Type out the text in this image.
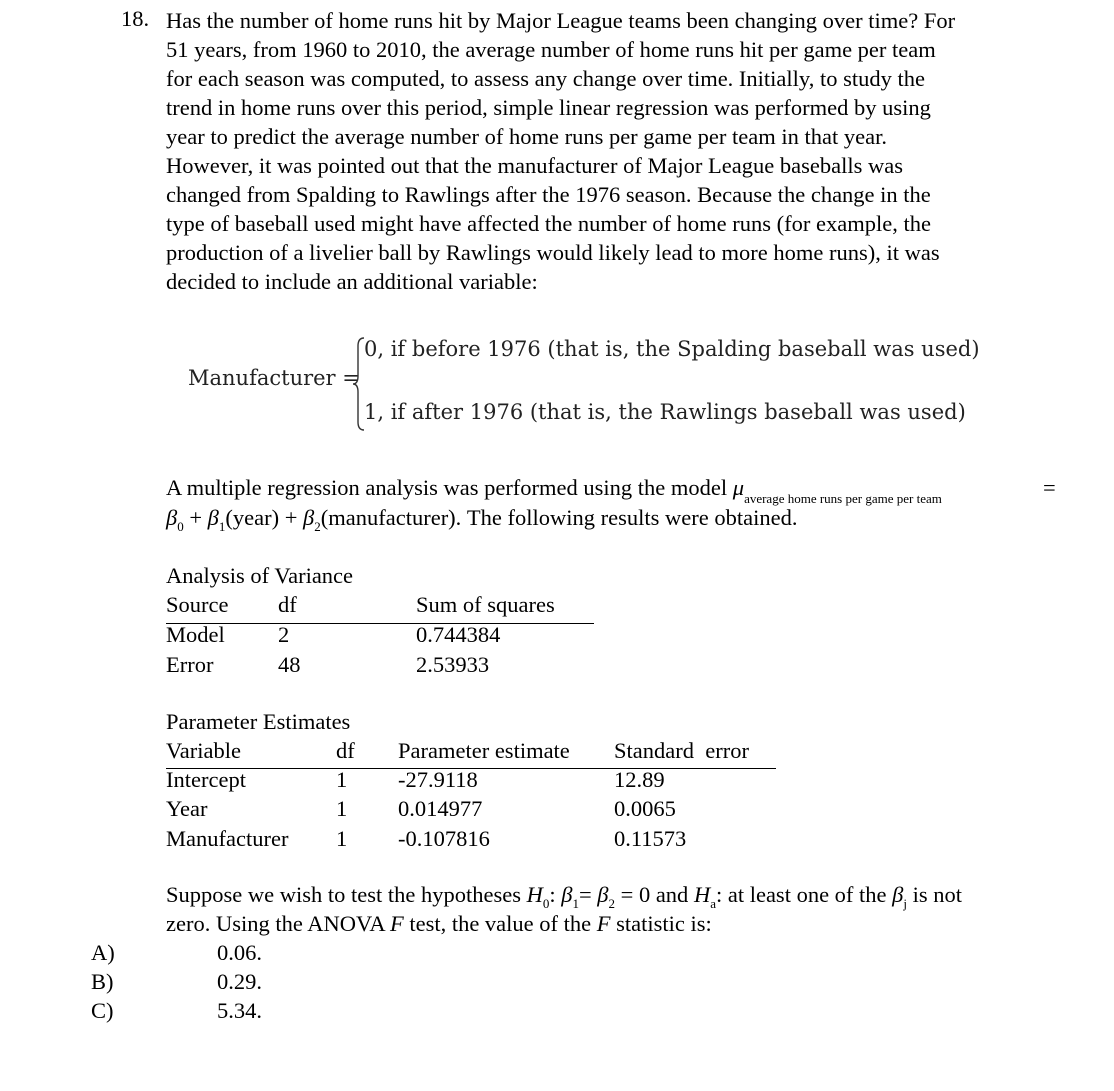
18. Has the number of home runs hit by Major League teams been changing over time? For
51 years, from 1960 to 2010, the average number of home runs hit per game per team
for each season was computed, to assess any change over time. Initially, to study the
trend in home runs over this period, simple linear regression was performed by using
year to predict the average number of home runs per game per team in that year.
However, it was pointed out that the manufacturer of Major League baseballs was
changed from Spalding to Rawlings after the 1976 season. Because the change in the
type of baseball used might have affected the number of home runs (for example, the
production of a livelier ball by Rawlings would likely lead to more home runs), it was
decided to include an additional variable:
Manufacturer =
0, if before 1976 (that is, the Spalding baseball was used)
1, if after 1976 (that is, the Rawlings baseball was used)
A multiple regression analysis was performed using the model $\mu_{average home runs per game per team}$	=
$\beta_0$ + $\beta_1(year)$ + $\beta_2(manufacturer)$. The following results were obtained.
Analysis of Variance
Source df	Sum of squares
Model 2	0.744384
Error	48	2.53933
Parameter Estimates
Variable	df Parameter estimate Standard  error
Intercept	1 -27.9118	12.89
Year	1 0.014977	0.0065
Manufacturer 1 -0.107816	0.11573
Suppose we wish to test the hypotheses $H_0$: $\beta_1= \beta_2 = 0$ and $H_a$: at least one of the $\beta_j$ is not
zero. Using the ANOVA F test, the value of the F statistic is:
A)	0.06.
B)	0.29.
C)	5.34.
